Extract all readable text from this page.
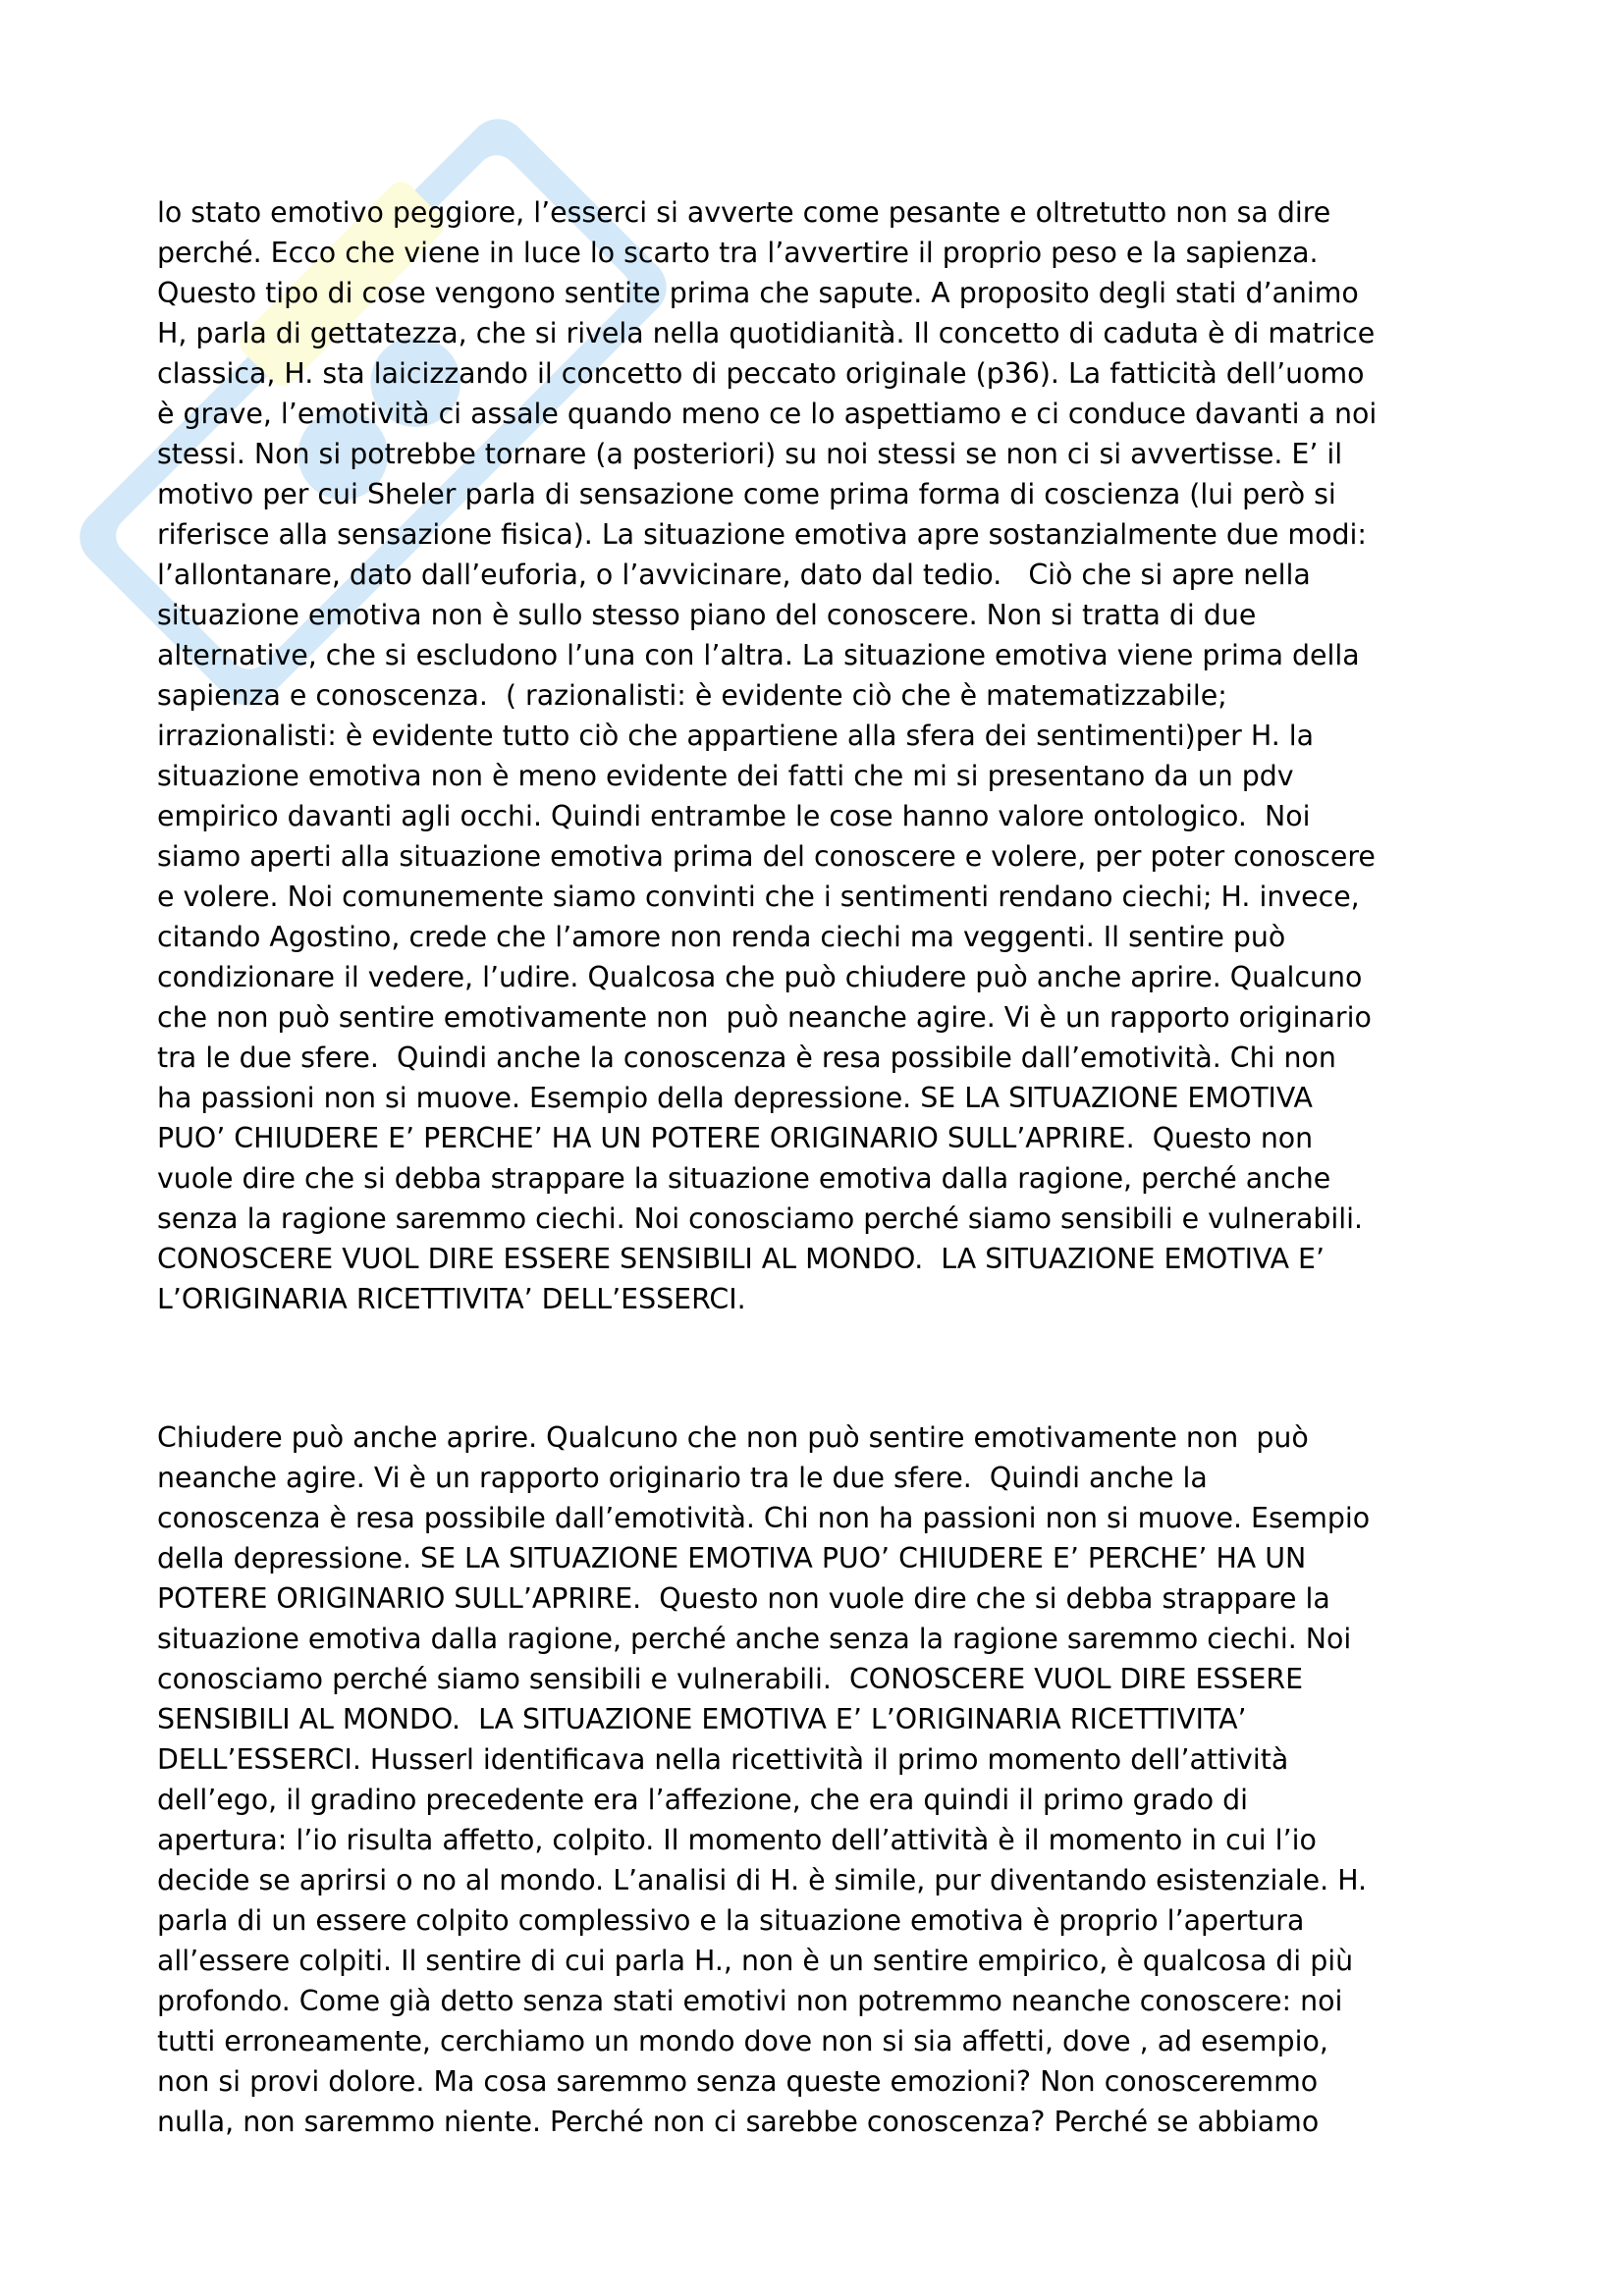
●●
lo stato emotivo peggiore, l’esserci si avverte come pesante e oltretutto non sa dire
perché. Ecco che viene in luce lo scarto tra l’avvertire il proprio peso e la sapienza.
Questo tipo di cose vengono sentite prima che sapute. A proposito degli stati d’animo
H, parla di gettatezza, che si rivela nella quotidianità. Il concetto di caduta è di matrice
classica, H. sta laicizzando il concetto di peccato originale (p36). La fatticità dell’uomo
è grave, l’emotività ci assale quando meno ce lo aspettiamo e ci conduce davanti a noi
stessi. Non si potrebbe tornare (a posteriori) su noi stessi se non ci si avvertisse. E’ il
motivo per cui Sheler parla di sensazione come prima forma di coscienza (lui però si
riferisce alla sensazione fisica). La situazione emotiva apre sostanzialmente due modi:
l’allontanare, dato dall’euforia, o l’avvicinare, dato dal tedio.   Ciò che si apre nella
situazione emotiva non è sullo stesso piano del conoscere. Non si tratta di due
alternative, che si escludono l’una con l’altra. La situazione emotiva viene prima della
sapienza e conoscenza.  ( razionalisti: è evidente ciò che è matematizzabile;
irrazionalisti: è evidente tutto ciò che appartiene alla sfera dei sentimenti)per H. la
situazione emotiva non è meno evidente dei fatti che mi si presentano da un pdv
empirico davanti agli occhi. Quindi entrambe le cose hanno valore ontologico.  Noi
siamo aperti alla situazione emotiva prima del conoscere e volere, per poter conoscere
e volere. Noi comunemente siamo convinti che i sentimenti rendano ciechi; H. invece,
citando Agostino, crede che l’amore non renda ciechi ma veggenti. Il sentire può
condizionare il vedere, l’udire. Qualcosa che può chiudere può anche aprire. Qualcuno
che non può sentire emotivamente non  può neanche agire. Vi è un rapporto originario
tra le due sfere.  Quindi anche la conoscenza è resa possibile dall’emotività. Chi non
ha passioni non si muove. Esempio della depressione. SE LA SITUAZIONE EMOTIVA
PUO’ CHIUDERE E’ PERCHE’ HA UN POTERE ORIGINARIO SULL’APRIRE.  Questo non
vuole dire che si debba strappare la situazione emotiva dalla ragione, perché anche
senza la ragione saremmo ciechi. Noi conosciamo perché siamo sensibili e vulnerabili.
CONOSCERE VUOL DIRE ESSERE SENSIBILI AL MONDO.  LA SITUAZIONE EMOTIVA E’
L’ORIGINARIA RICETTIVITA’ DELL’ESSERCI.
Chiudere può anche aprire. Qualcuno che non può sentire emotivamente non  può
neanche agire. Vi è un rapporto originario tra le due sfere.  Quindi anche la
conoscenza è resa possibile dall’emotività. Chi non ha passioni non si muove. Esempio
della depressione. SE LA SITUAZIONE EMOTIVA PUO’ CHIUDERE E’ PERCHE’ HA UN
POTERE ORIGINARIO SULL’APRIRE.  Questo non vuole dire che si debba strappare la
situazione emotiva dalla ragione, perché anche senza la ragione saremmo ciechi. Noi
conosciamo perché siamo sensibili e vulnerabili.  CONOSCERE VUOL DIRE ESSERE
SENSIBILI AL MONDO.  LA SITUAZIONE EMOTIVA E’ L’ORIGINARIA RICETTIVITA’
DELL’ESSERCI. Husserl identificava nella ricettività il primo momento dell’attività
dell’ego, il gradino precedente era l’affezione, che era quindi il primo grado di
apertura: l’io risulta affetto, colpito. Il momento dell’attività è il momento in cui l’io
decide se aprirsi o no al mondo. L’analisi di H. è simile, pur diventando esistenziale. H.
parla di un essere colpito complessivo e la situazione emotiva è proprio l’apertura
all’essere colpiti. Il sentire di cui parla H., non è un sentire empirico, è qualcosa di più
profondo. Come già detto senza stati emotivi non potremmo neanche conoscere: noi
tutti erroneamente, cerchiamo un mondo dove non si sia affetti, dove , ad esempio,
non si provi dolore. Ma cosa saremmo senza queste emozioni? Non conosceremmo
nulla, non saremmo niente. Perché non ci sarebbe conoscenza? Perché se abbiamo
